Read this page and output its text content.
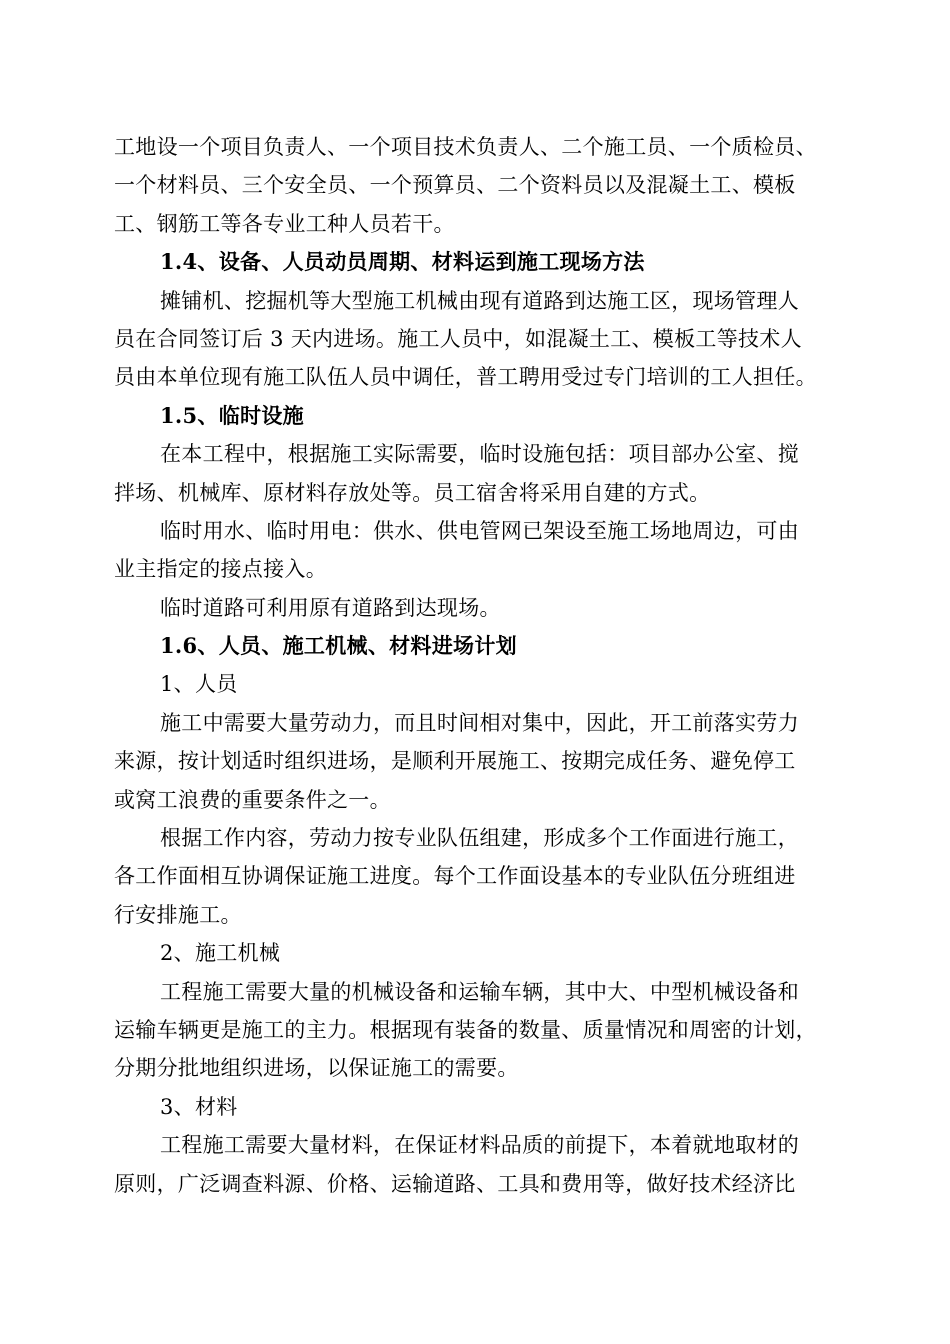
工地设一个项目负责人、一个项目技术负责人、二个施工员、一个质检员、
一个材料员、三个安全员、一个预算员、二个资料员以及混凝土工、模板
工、钢筋工等各专业工种人员若干。
1.4、设备、人员动员周期、材料运到施工现场方法
摊铺机、挖掘机等大型施工机械由现有道路到达施工区，现场管理人
员在合同签订后 3 天内进场。施工人员中，如混凝土工、模板工等技术人
员由本单位现有施工队伍人员中调任，普工聘用受过专门培训的工人担任。
1.5、临时设施
在本工程中，根据施工实际需要，临时设施包括：项目部办公室、搅
拌场、机械库、原材料存放处等。员工宿舍将采用自建的方式。
临时用水、临时用电：供水、供电管网已架设至施工场地周边，可由
业主指定的接点接入。
临时道路可利用原有道路到达现场。
1.6、人员、施工机械、材料进场计划
1、人员
施工中需要大量劳动力，而且时间相对集中，因此，开工前落实劳力
来源，按计划适时组织进场，是顺利开展施工、按期完成任务、避免停工
或窝工浪费的重要条件之一。
根据工作内容，劳动力按专业队伍组建，形成多个工作面进行施工，
各工作面相互协调保证施工进度。每个工作面设基本的专业队伍分班组进
行安排施工。
2、施工机械
工程施工需要大量的机械设备和运输车辆，其中大、中型机械设备和
运输车辆更是施工的主力。根据现有装备的数量、质量情况和周密的计划，
分期分批地组织进场，以保证施工的需要。
3、材料
工程施工需要大量材料，在保证材料品质的前提下，本着就地取材的
原则，广泛调查料源、价格、运输道路、工具和费用等，做好技术经济比
